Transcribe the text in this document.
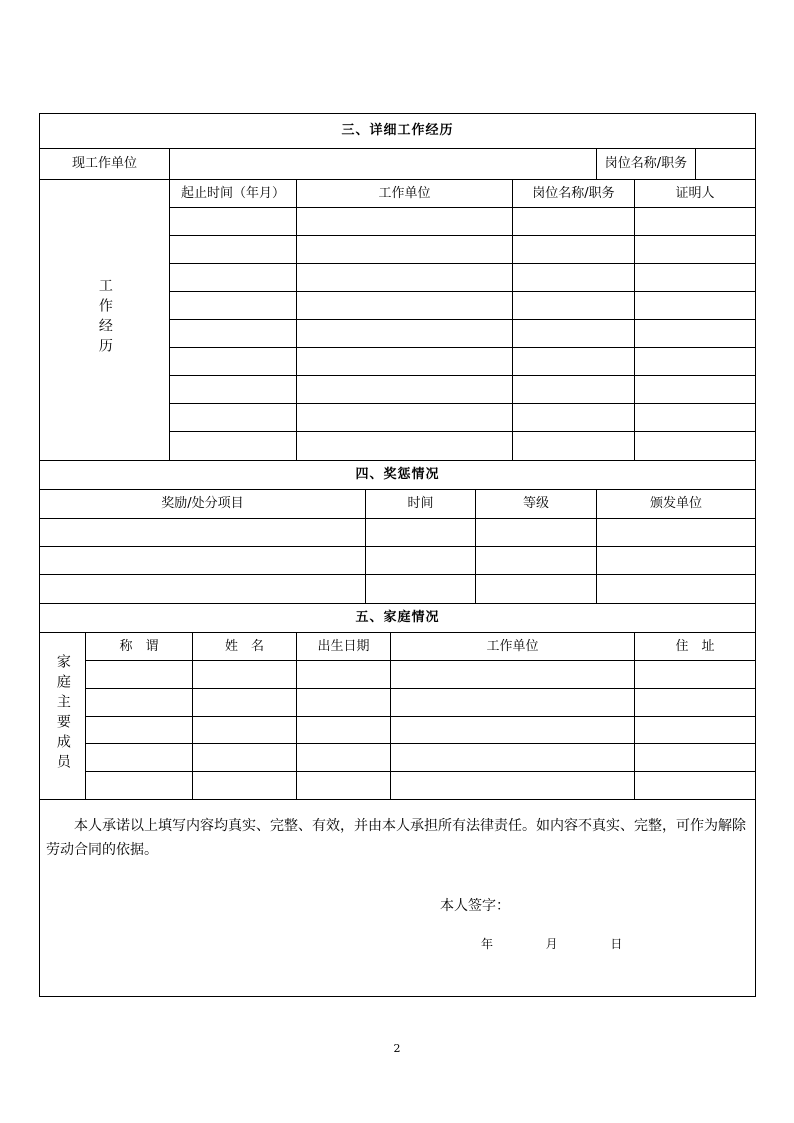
三、详细工作经历											
现工作单位									岗位名称/职务		
工作经历		起止时间（年月）		工作单位				岗位名称/职务		证明人	

四、奖惩情况											
奖励/处分项目					时间		等级		颁发单位		

五、家庭情况											
家庭主要成员	称　谓		姓　名	出生日期		工作单位				住　址	

本人承诺以上填写内容均真实、完整、有效，并由本人承担所有法律责任。如内容不真实、完整，可作为解除劳动合同的依据。

本人签字：
年 月 日											
2
